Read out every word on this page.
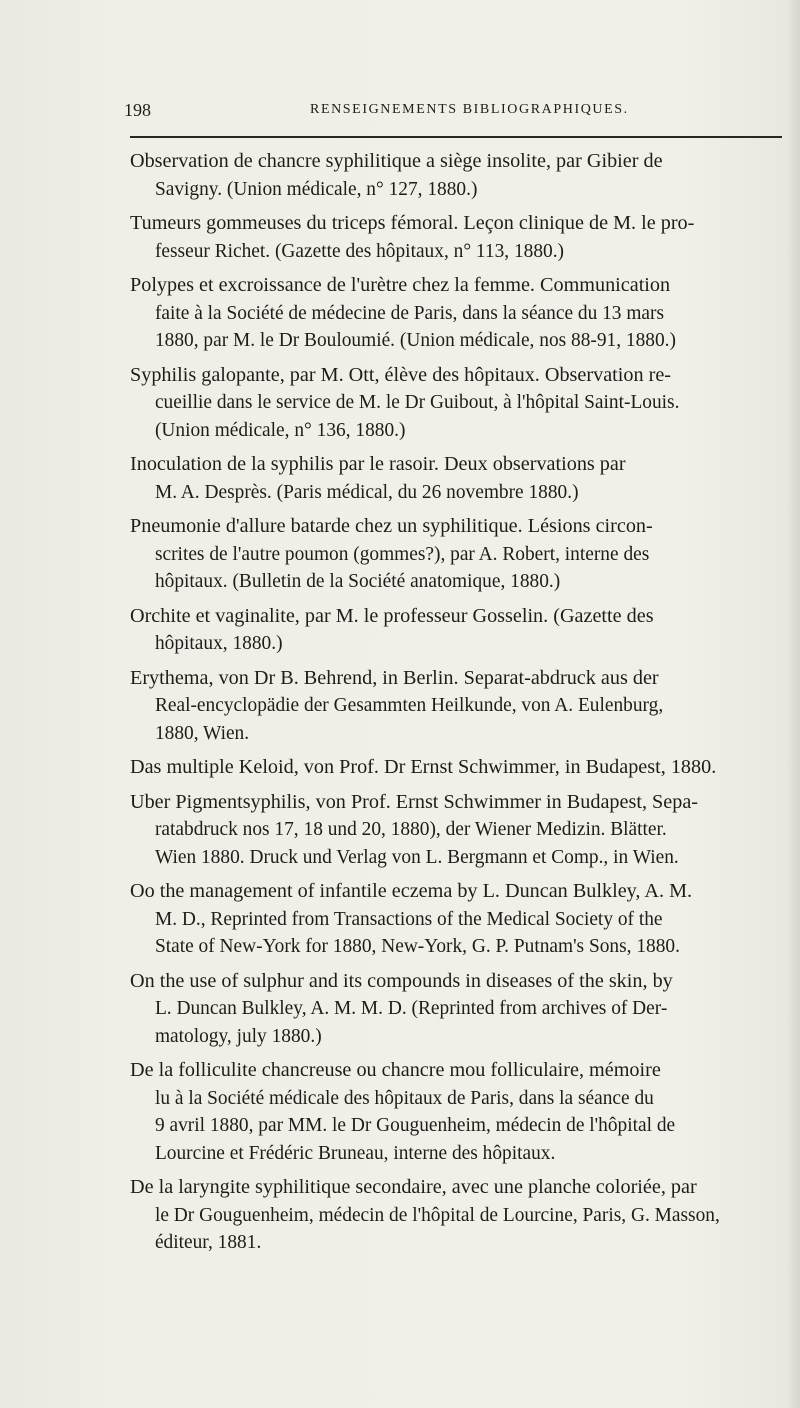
198	RENSEIGNEMENTS BIBLIOGRAPHIQUES.
Observation de chancre syphilitique a siège insolite, par Gibier de
Savigny. (Union médicale, n° 127, 1880.)
Tumeurs gommeuses du triceps fémoral. Leçon clinique de M. le pro-
fesseur Richet. (Gazette des hôpitaux, n° 113, 1880.)
Polypes et excroissance de l'urètre chez la femme. Communication
faite à la Société de médecine de Paris, dans la séance du 13 mars
1880, par M. le Dr Bouloumié. (Union médicale, nos 88-91, 1880.)
Syphilis galopante, par M. Ott, élève des hôpitaux. Observation re-
cueillie dans le service de M. le Dr Guibout, à l'hôpital Saint-Louis.
(Union médicale, n° 136, 1880.)
Inoculation de la syphilis par le rasoir. Deux observations par
M. A. Desprès. (Paris médical, du 26 novembre 1880.)
Pneumonie d'allure batarde chez un syphilitique. Lésions circon-
scrites de l'autre poumon (gommes?), par A. Robert, interne des
hôpitaux. (Bulletin de la Société anatomique, 1880.)
Orchite et vaginalite, par M. le professeur Gosselin. (Gazette des
hôpitaux, 1880.)
Erythema, von Dr B. Behrend, in Berlin. Separat-abdruck aus der
Real-encyclopädie der Gesammten Heilkunde, von A. Eulenburg,
1880, Wien.
Das multiple Keloid, von Prof. Dr Ernst Schwimmer, in Budapest, 1880.
Uber Pigmentsyphilis, von Prof. Ernst Schwimmer in Budapest, Sepa-
ratabdruck nos 17, 18 und 20, 1880), der Wiener Medizin. Blätter.
Wien 1880. Druck und Verlag von L. Bergmann et Comp., in Wien.
Oo the management of infantile eczema by L. Duncan Bulkley, A. M.
M. D., Reprinted from Transactions of the Medical Society of the
State of New-York for 1880, New-York, G. P. Putnam's Sons, 1880.
On the use of sulphur and its compounds in diseases of the skin, by
L. Duncan Bulkley, A. M. M. D. (Reprinted from archives of Der-
matology, july 1880.)
De la folliculite chancreuse ou chancre mou folliculaire, mémoire
lu à la Société médicale des hôpitaux de Paris, dans la séance du
9 avril 1880, par MM. le Dr Gouguenheim, médecin de l'hôpital de
Lourcine et Frédéric Bruneau, interne des hôpitaux.
De la laryngite syphilitique secondaire, avec une planche coloriée, par
le Dr Gouguenheim, médecin de l'hôpital de Lourcine, Paris, G. Masson,
éditeur, 1881.
